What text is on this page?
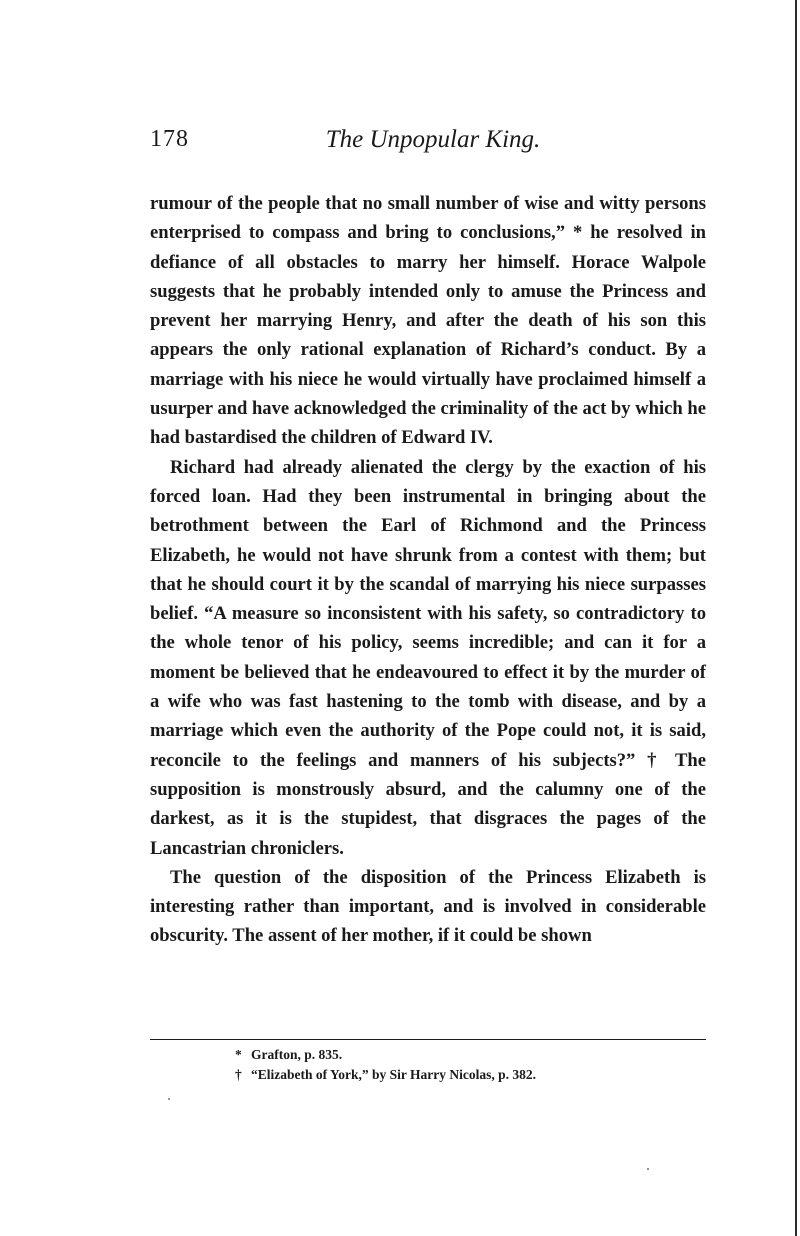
178	The Unpopular King.

rumour of the people that no small number of wise and witty persons enterprised to compass and bring to conclusions,” * he resolved in defiance of all obstacles to marry her himself. Horace Walpole suggests that he probably intended only to amuse the Princess and prevent her marrying Henry, and after the death of his son this appears the only rational explanation of Richard’s conduct. By a marriage with his niece he would virtually have proclaimed himself a usurper and have acknowledged the criminality of the act by which he had bastardised the children of Edward IV.

Richard had already alienated the clergy by the exaction of his forced loan. Had they been instrumental in bringing about the betrothment between the Earl of Richmond and the Princess Elizabeth, he would not have shrunk from a contest with them; but that he should court it by the scandal of marrying his niece surpasses belief. “A measure so inconsistent with his safety, so contradictory to the whole tenor of his policy, seems incredible; and can it for a moment be believed that he endeavoured to effect it by the murder of a wife who was fast hastening to the tomb with disease, and by a marriage which even the authority of the Pope could not, it is said, reconcile to the feelings and manners of his subjects?” † The supposition is monstrously absurd, and the calumny one of the darkest, as it is the stupidest, that disgraces the pages of the Lancastrian chroniclers.

The question of the disposition of the Princess Elizabeth is interesting rather than important, and is involved in considerable obscurity. The assent of her mother, if it could be shown

* Grafton, p. 835.
† “Elizabeth of York,” by Sir Harry Nicolas, p. 382.
